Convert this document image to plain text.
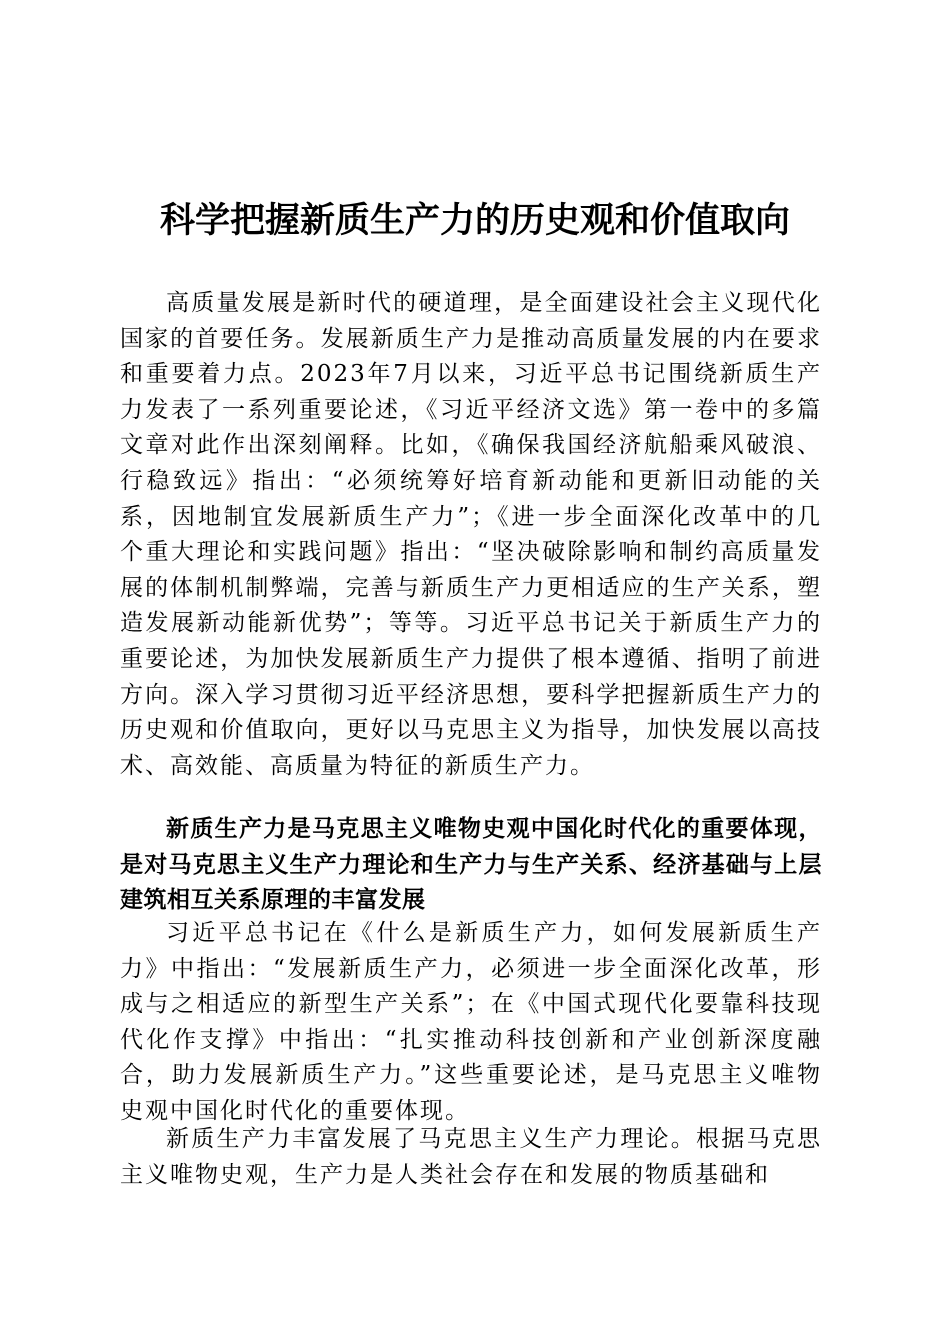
科学把握新质生产力的历史观和价值取向

高质量发展是新时代的硬道理，是全面建设社会主义现代化国家的首要任务。发展新质生产力是推动高质量发展的内在要求和重要着力点。2023年7月以来，习近平总书记围绕新质生产力发表了一系列重要论述，《习近平经济文选》第一卷中的多篇文章对此作出深刻阐释。比如，《确保我国经济航船乘风破浪、行稳致远》指出：“必须统筹好培育新动能和更新旧动能的关系，因地制宜发展新质生产力”；《进一步全面深化改革中的几个重大理论和实践问题》指出：“坚决破除影响和制约高质量发展的体制机制弊端，完善与新质生产力更相适应的生产关系，塑造发展新动能新优势”；等等。习近平总书记关于新质生产力的重要论述，为加快发展新质生产力提供了根本遵循、指明了前进方向。深入学习贯彻习近平经济思想，要科学把握新质生产力的历史观和价值取向，更好以马克思主义为指导，加快发展以高技术、高效能、高质量为特征的新质生产力。

新质生产力是马克思主义唯物史观中国化时代化的重要体现，是对马克思主义生产力理论和生产力与生产关系、经济基础与上层建筑相互关系原理的丰富发展

习近平总书记在《什么是新质生产力，如何发展新质生产力》中指出：“发展新质生产力，必须进一步全面深化改革，形成与之相适应的新型生产关系”；在《中国式现代化要靠科技现代化作支撑》中指出：“扎实推动科技创新和产业创新深度融合，助力发展新质生产力。”这些重要论述，是马克思主义唯物史观中国化时代化的重要体现。

新质生产力丰富发展了马克思主义生产力理论。根据马克思主义唯物史观，生产力是人类社会存在和发展的物质基础和
